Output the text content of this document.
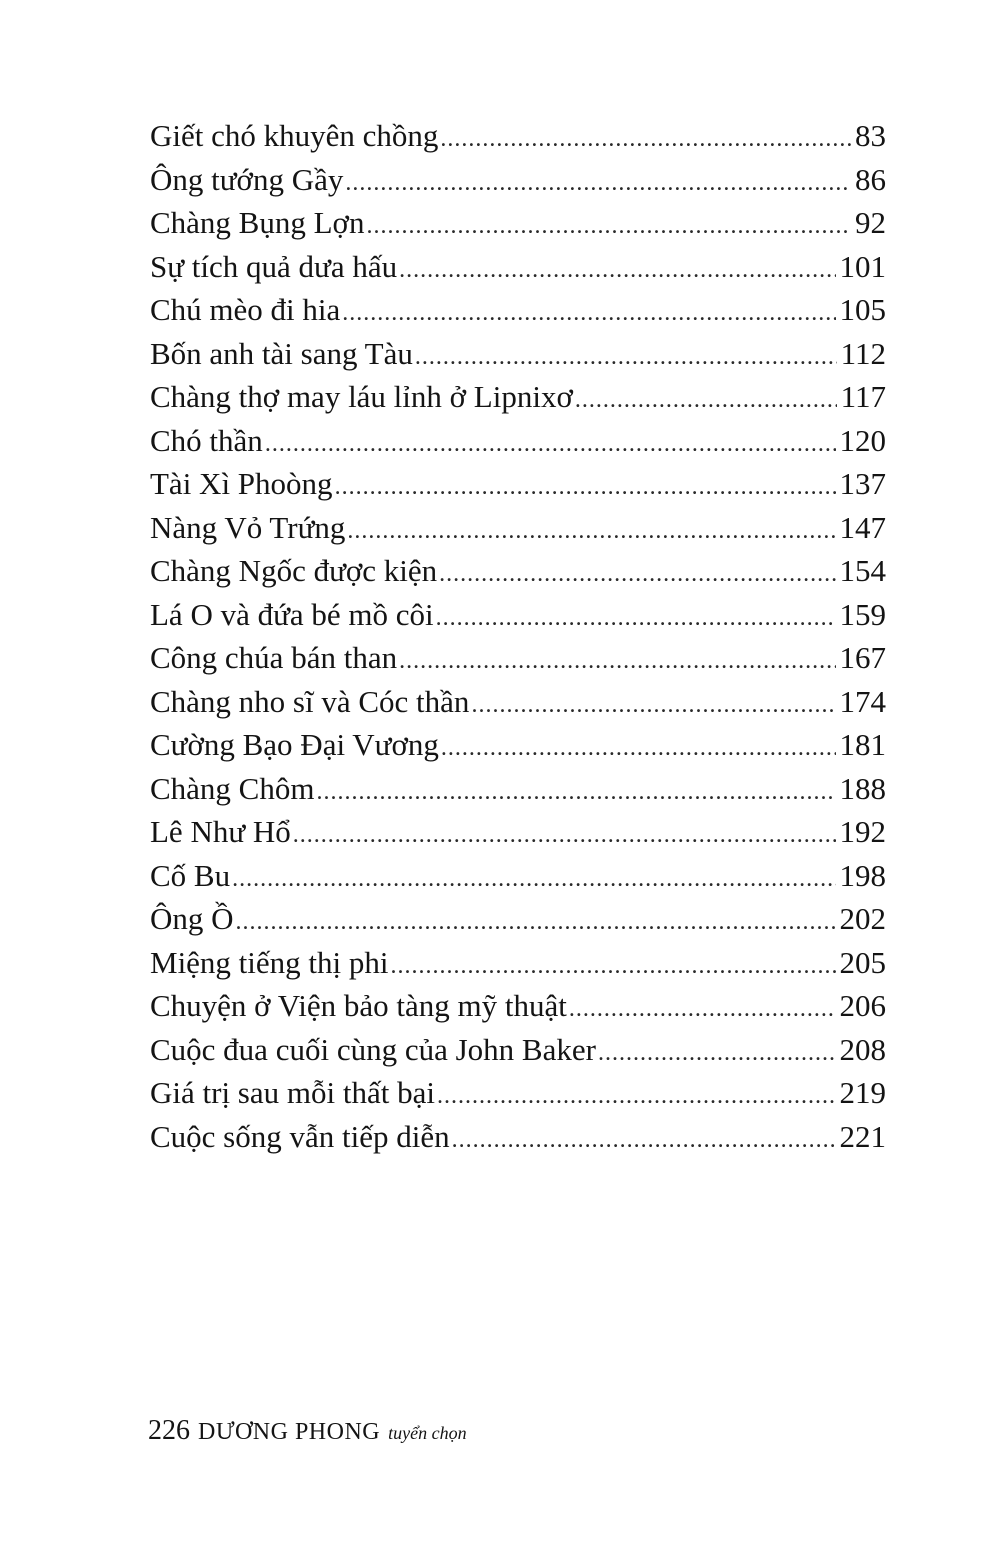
Giết chó khuyên chồng .....	83
Ông tướng Gầy .....	86
Chàng Bụng Lợn .....	92
Sự tích quả dưa hấu .....	101
Chú mèo đi hia .....	105
Bốn anh tài sang Tàu .....	112
Chàng thợ may láu lỉnh ở Lipnixơ .....	117
Chó thần .....	120
Tài Xì Phoòng .....	137
Nàng Vỏ Trứng .....	147
Chàng Ngốc được kiện .....	154
Lá O và đứa bé mồ côi .....	159
Công chúa bán than .....	167
Chàng nho sĩ và Cóc thần .....	174
Cường Bạo Đại Vương .....	181
Chàng Chôm .....	188
Lê Như Hổ .....	192
Cố Bu .....	198
Ông Ồ .....	202
Miệng tiếng thị phi .....	205
Chuyện ở Viện bảo tàng mỹ thuật .....	206
Cuộc đua cuối cùng của John Baker .....	208
Giá trị sau mỗi thất bại .....	219
Cuộc sống vẫn tiếp diễn .....	221
226 DƯƠNG PHONG tuyển chọn
